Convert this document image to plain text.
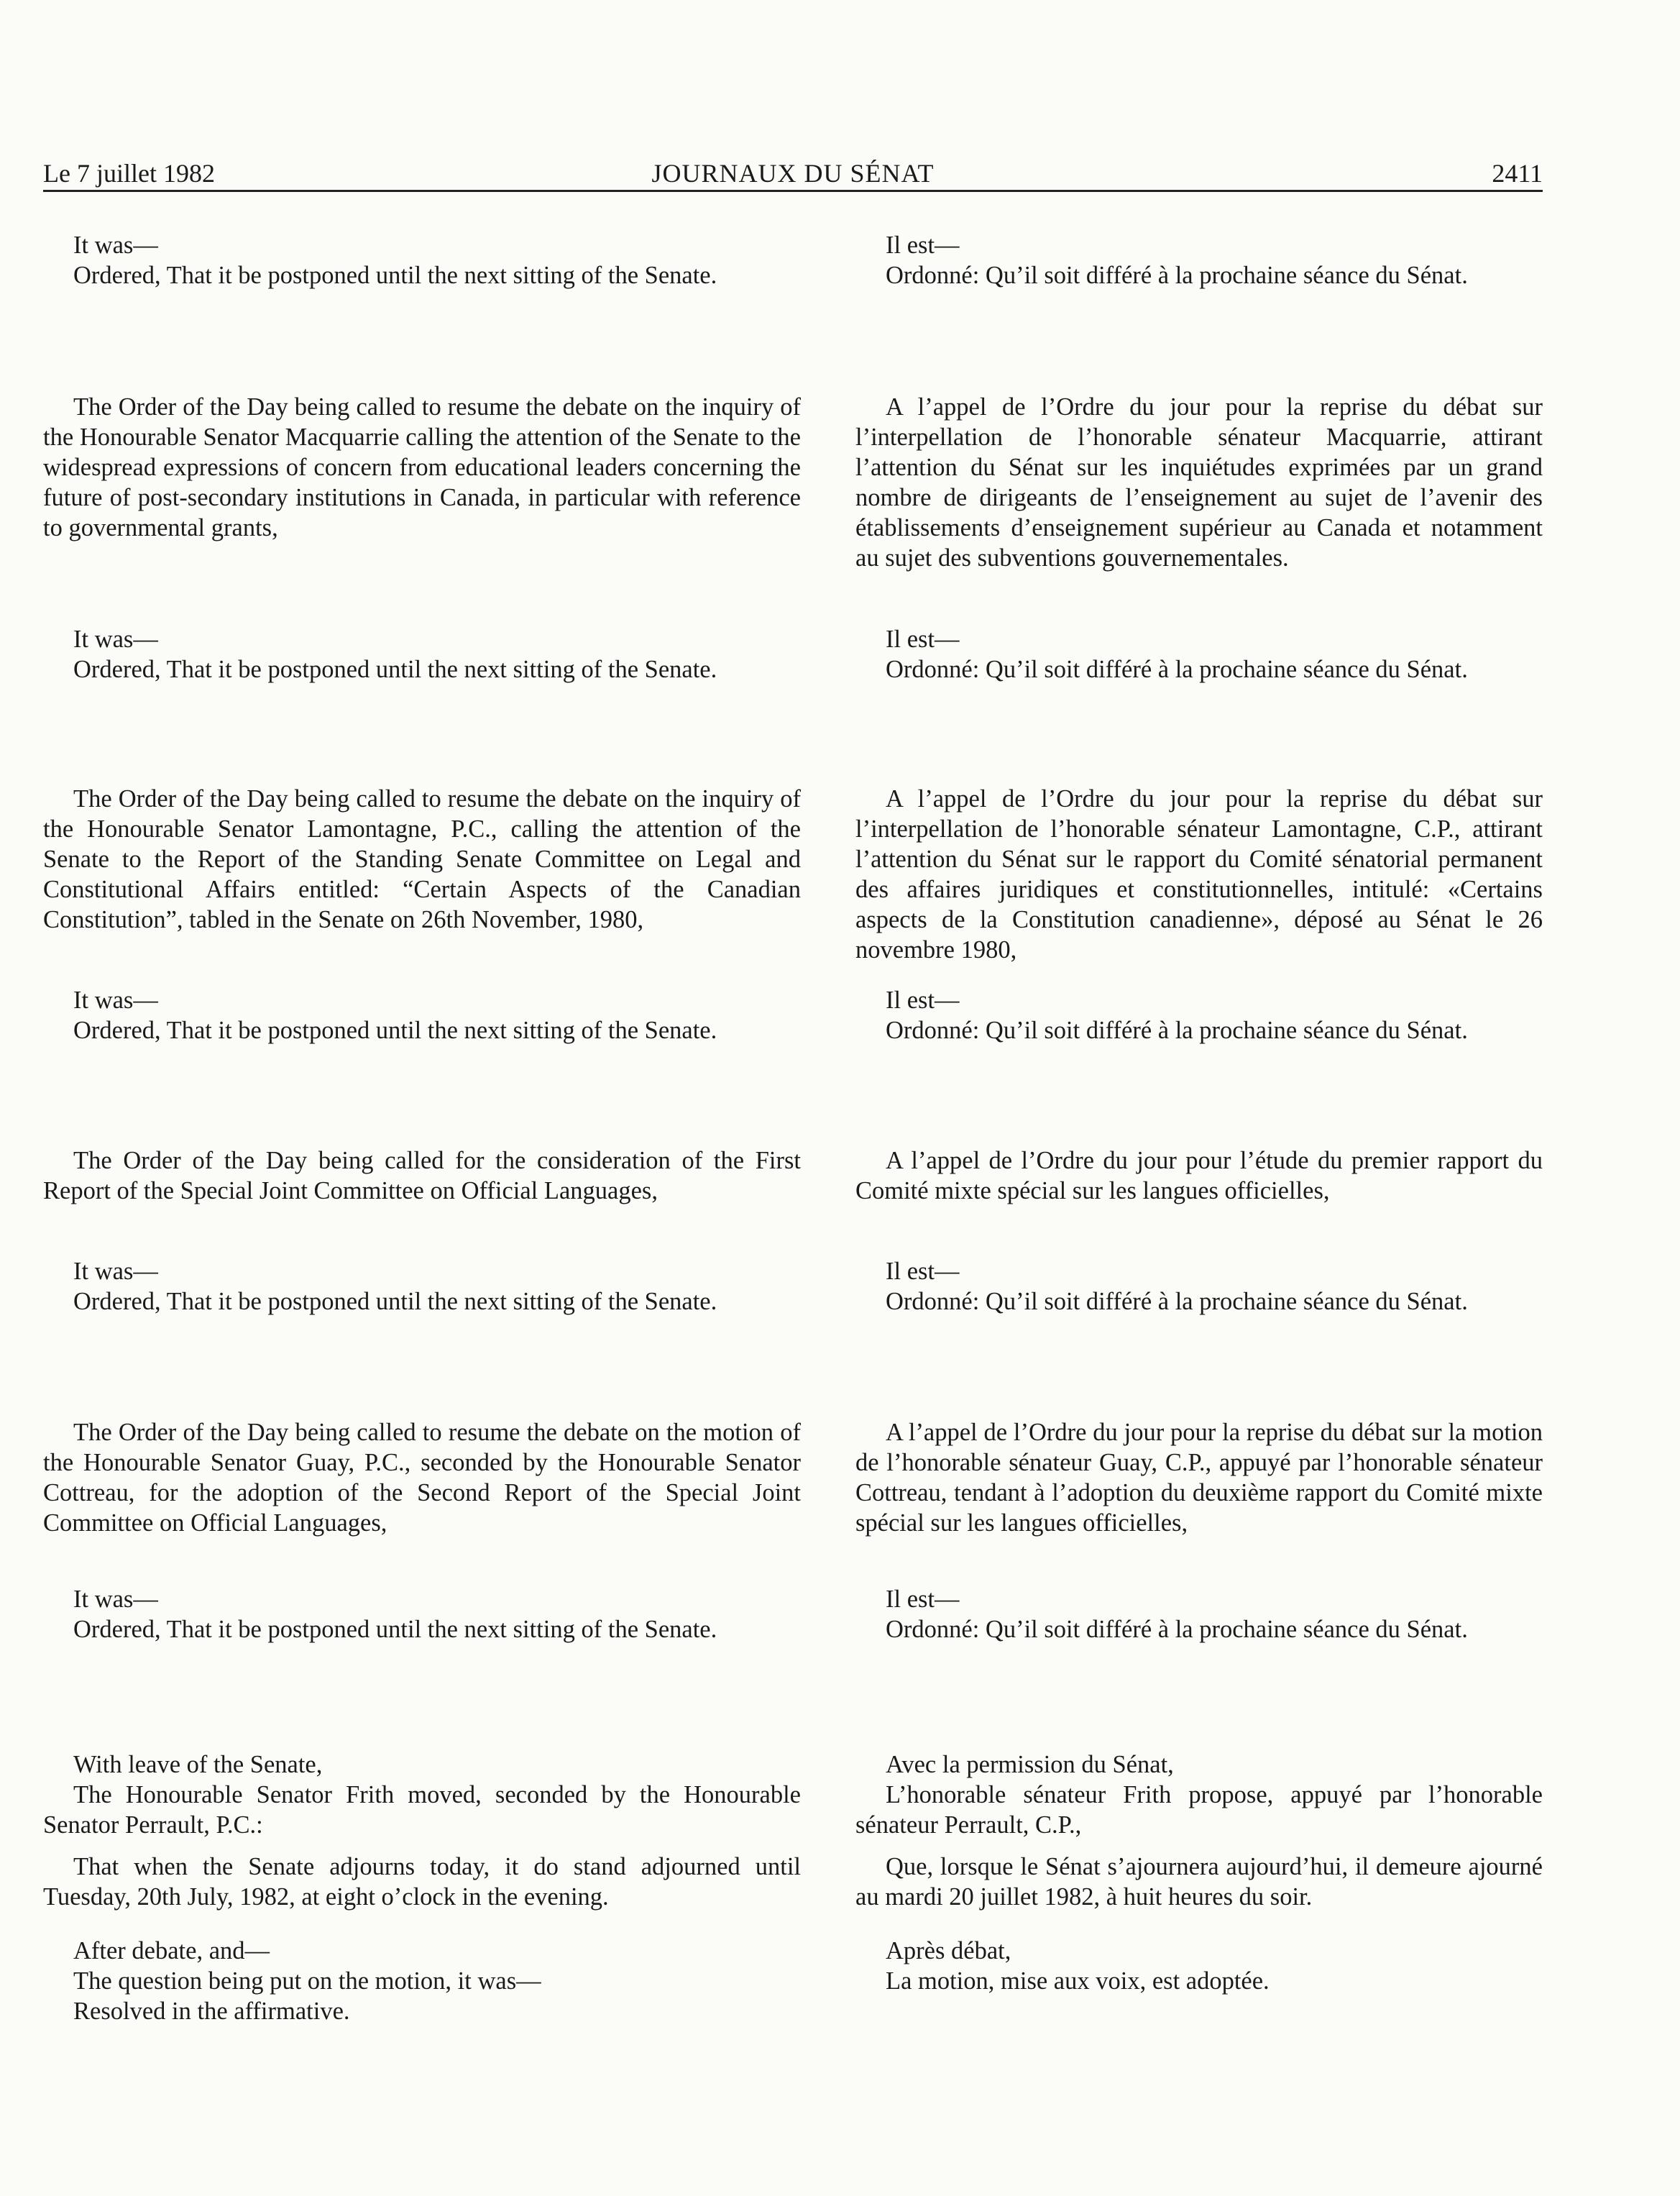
Le 7 juillet 1982	JOURNAUX DU SÉNAT	2411

It was—

Ordered, That it be postponed until the next sitting of the Senate.

The Order of the Day being called to resume the debate on the inquiry of the Honourable Senator Macquarrie calling the attention of the Senate to the widespread expressions of concern from educational leaders concerning the future of post-secondary institutions in Canada, in particular with reference to governmental grants,

It was—

Ordered, That it be postponed until the next sitting of the Senate.

The Order of the Day being called to resume the debate on the inquiry of the Honourable Senator Lamontagne, P.C., calling the attention of the Senate to the Report of the Standing Senate Committee on Legal and Constitutional Affairs entitled: “Certain Aspects of the Canadian Constitution”, tabled in the Senate on 26th November, 1980,

It was—

Ordered, That it be postponed until the next sitting of the Senate.

The Order of the Day being called for the consideration of the First Report of the Special Joint Committee on Official Languages,

It was—

Ordered, That it be postponed until the next sitting of the Senate.

The Order of the Day being called to resume the debate on the motion of the Honourable Senator Guay, P.C., seconded by the Honourable Senator Cottreau, for the adoption of the Second Report of the Special Joint Committee on Official Languages,

It was—

Ordered, That it be postponed until the next sitting of the Senate.

With leave of the Senate,

The Honourable Senator Frith moved, seconded by the Honourable Senator Perrault, P.C.:

That when the Senate adjourns today, it do stand adjourned until Tuesday, 20th July, 1982, at eight o’clock in the evening.

After debate, and—

The question being put on the motion, it was—

Resolved in the affirmative.

Il est—

Ordonné: Qu’il soit différé à la prochaine séance du Sénat.

A l’appel de l’Ordre du jour pour la reprise du débat sur l’interpellation de l’honorable sénateur Macquarrie, attirant l’attention du Sénat sur les inquiétudes exprimées par un grand nombre de dirigeants de l’enseignement au sujet de l’avenir des établissements d’enseignement supérieur au Canada et notamment au sujet des subventions gouvernementales.

Il est—

Ordonné: Qu’il soit différé à la prochaine séance du Sénat.

A l’appel de l’Ordre du jour pour la reprise du débat sur l’interpellation de l’honorable sénateur Lamontagne, C.P., attirant l’attention du Sénat sur le rapport du Comité sénatorial permanent des affaires juridiques et constitutionnelles, intitulé: «Certains aspects de la Constitution canadienne», déposé au Sénat le 26 novembre 1980,

Il est—

Ordonné: Qu’il soit différé à la prochaine séance du Sénat.

A l’appel de l’Ordre du jour pour l’étude du premier rapport du Comité mixte spécial sur les langues officielles,

Il est—

Ordonné: Qu’il soit différé à la prochaine séance du Sénat.

A l’appel de l’Ordre du jour pour la reprise du débat sur la motion de l’honorable sénateur Guay, C.P., appuyé par l’honorable sénateur Cottreau, tendant à l’adoption du deuxième rapport du Comité mixte spécial sur les langues officielles,

Il est—

Ordonné: Qu’il soit différé à la prochaine séance du Sénat.

Avec la permission du Sénat,

L’honorable sénateur Frith propose, appuyé par l’honorable sénateur Perrault, C.P.,

Que, lorsque le Sénat s’ajournera aujourd’hui, il demeure ajourné au mardi 20 juillet 1982, à huit heures du soir.

Après débat,

La motion, mise aux voix, est adoptée.
